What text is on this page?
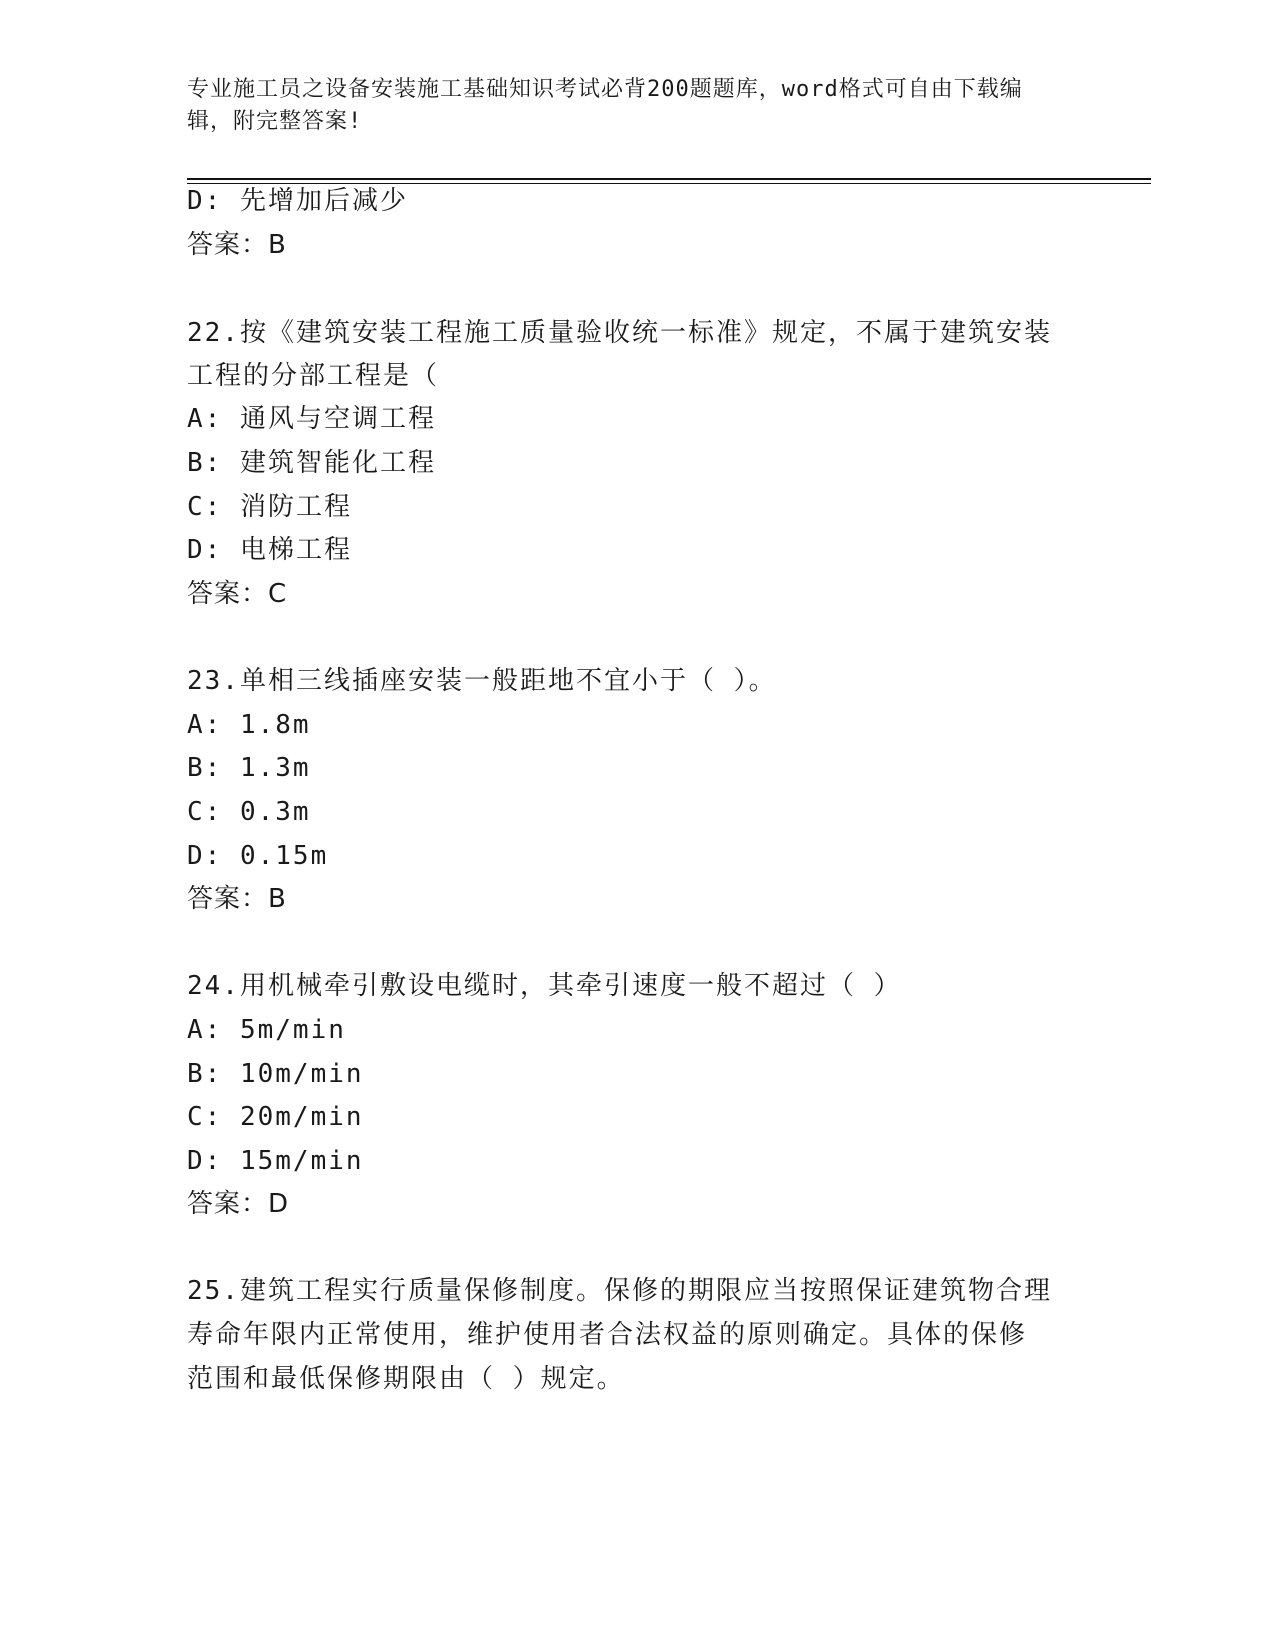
专业施工员之设备安装施工基础知识考试必背200题题库，word格式可自由下载编辑，附完整答案!
D: 先增加后减少
答案：B
22.按《建筑安装工程施工质量验收统一标准》规定，不属于建筑安装
工程的分部工程是（
A: 通风与空调工程
B: 建筑智能化工程
C: 消防工程
D: 电梯工程
答案：C
23.单相三线插座安装一般距地不宜小于（ ）。
A: 1.8m
B: 1.3m
C: 0.3m
D: 0.15m
答案：B
24.用机械牵引敷设电缆时，其牵引速度一般不超过（ ）
A: 5m/min
B: 10m/min
C: 20m/min
D: 15m/min
答案：D
25.建筑工程实行质量保修制度。保修的期限应当按照保证建筑物合理
寿命年限内正常使用，维护使用者合法权益的原则确定。具体的保修
范围和最低保修期限由（ ）规定。
